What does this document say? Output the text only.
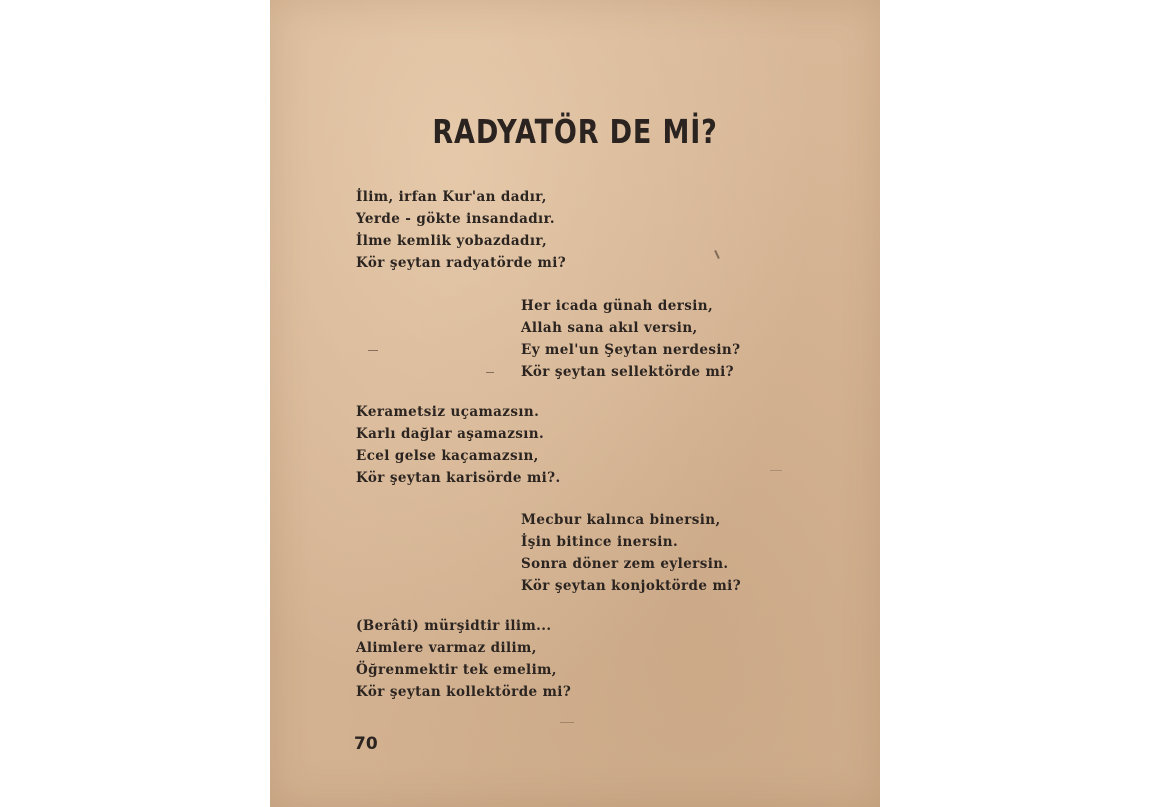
RADYATÖR DE Mİ?

İlim, irfan Kur'an dadır,
Yerde - gökte insandadır.
İlme kemlik yobazdadır,
Kör şeytan radyatörde mi?

Her icada günah dersin,
Allah sana akıl versin,
Ey mel'un Şeytan nerdesin?
Kör şeytan sellektörde mi?

Kerametsiz uçamazsın.
Karlı dağlar aşamazsın.
Ecel gelse kaçamazsın,
Kör şeytan karisörde mi?.

Mecbur kalınca binersin,
İşin bitince inersin.
Sonra döner zem eylersin.
Kör şeytan konjoktörde mi?

(Berâti) mürşidtir ilim...
Alimlere varmaz dilim,
Öğrenmektir tek emelim,
Kör şeytan kollektörde mi?

70
